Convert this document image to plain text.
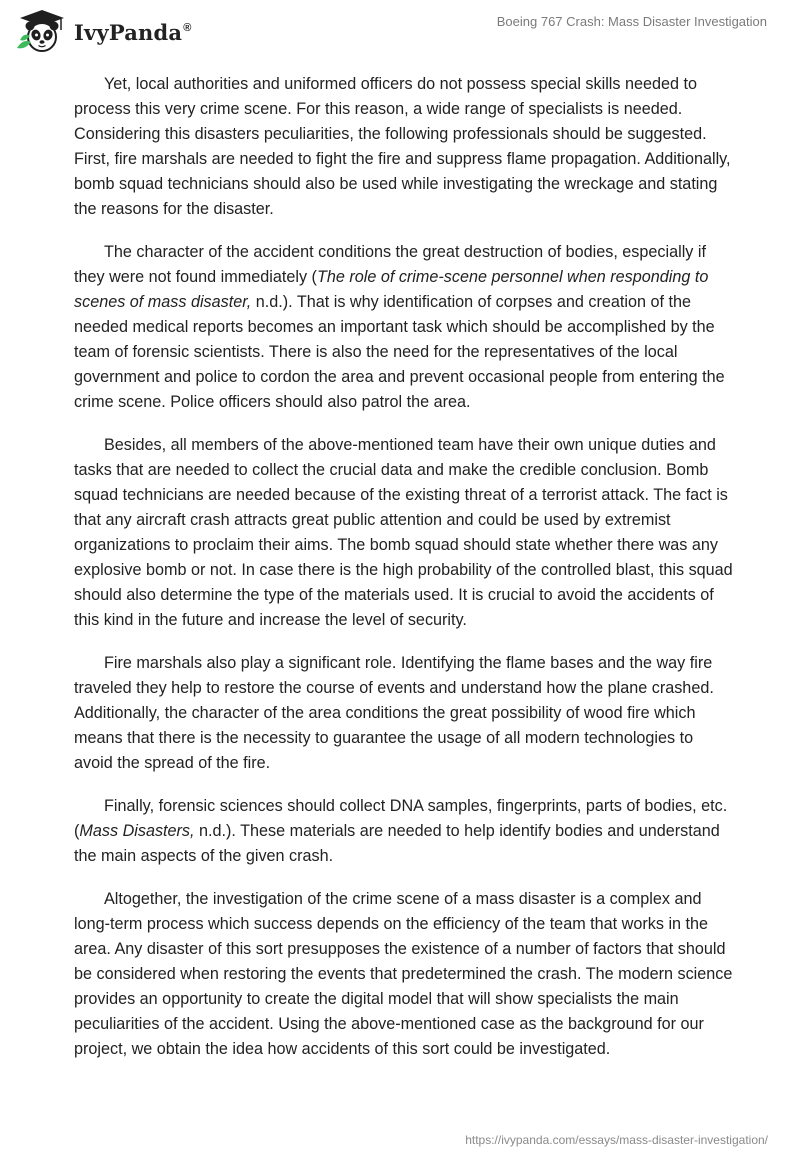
IvyPanda®	Boeing 767 Crash: Mass Disaster Investigation

Yet, local authorities and uniformed officers do not possess special skills needed to process this very crime scene. For this reason, a wide range of specialists is needed. Considering this disasters peculiarities, the following professionals should be suggested. First, fire marshals are needed to fight the fire and suppress flame propagation. Additionally, bomb squad technicians should also be used while investigating the wreckage and stating the reasons for the disaster.

The character of the accident conditions the great destruction of bodies, especially if they were not found immediately (The role of crime-scene personnel when responding to scenes of mass disaster, n.d.). That is why identification of corpses and creation of the needed medical reports becomes an important task which should be accomplished by the team of forensic scientists. There is also the need for the representatives of the local government and police to cordon the area and prevent occasional people from entering the crime scene. Police officers should also patrol the area.

Besides, all members of the above-mentioned team have their own unique duties and tasks that are needed to collect the crucial data and make the credible conclusion. Bomb squad technicians are needed because of the existing threat of a terrorist attack. The fact is that any aircraft crash attracts great public attention and could be used by extremist organizations to proclaim their aims. The bomb squad should state whether there was any explosive bomb or not. In case there is the high probability of the controlled blast, this squad should also determine the type of the materials used. It is crucial to avoid the accidents of this kind in the future and increase the level of security.

Fire marshals also play a significant role. Identifying the flame bases and the way fire traveled they help to restore the course of events and understand how the plane crashed. Additionally, the character of the area conditions the great possibility of wood fire which means that there is the necessity to guarantee the usage of all modern technologies to avoid the spread of the fire.

Finally, forensic sciences should collect DNA samples, fingerprints, parts of bodies, etc. (Mass Disasters, n.d.). These materials are needed to help identify bodies and understand the main aspects of the given crash.

Altogether, the investigation of the crime scene of a mass disaster is a complex and long-term process which success depends on the efficiency of the team that works in the area. Any disaster of this sort presupposes the existence of a number of factors that should be considered when restoring the events that predetermined the crash. The modern science provides an opportunity to create the digital model that will show specialists the main peculiarities of the accident. Using the above-mentioned case as the background for our project, we obtain the idea how accidents of this sort could be investigated.

https://ivypanda.com/essays/mass-disaster-investigation/
